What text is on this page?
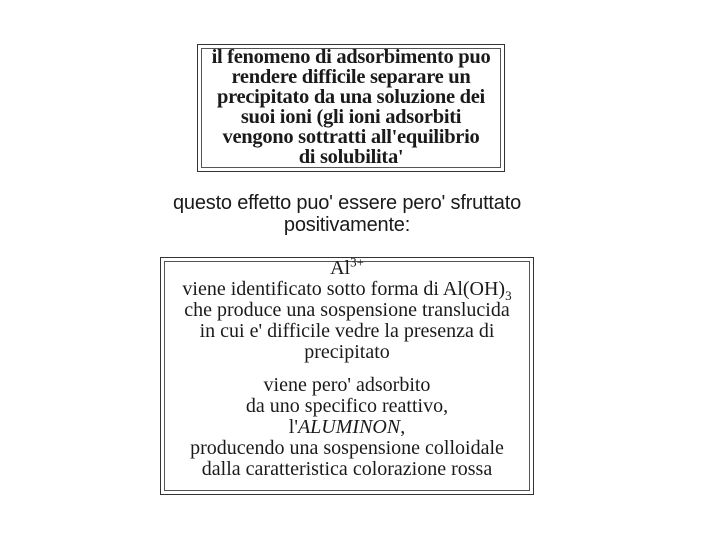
il fenomeno di adsorbimento puo
rendere difficile separare un
precipitato da una soluzione dei
suoi ioni (gli ioni adsorbiti
vengono sottratti all'equilibrio
di solubilita'
questo effetto puo' essere pero' sfruttato
positivamente:
$Al^{3+}$
viene identificato sotto forma di $Al(OH)_3$
che produce una sospensione translucida
in cui e' difficile vedre la presenza di
precipitato
viene pero' adsorbito
da uno specifico reattivo,
l'ALUMINON,
producendo una sospensione colloidale
dalla caratteristica colorazione rossa
